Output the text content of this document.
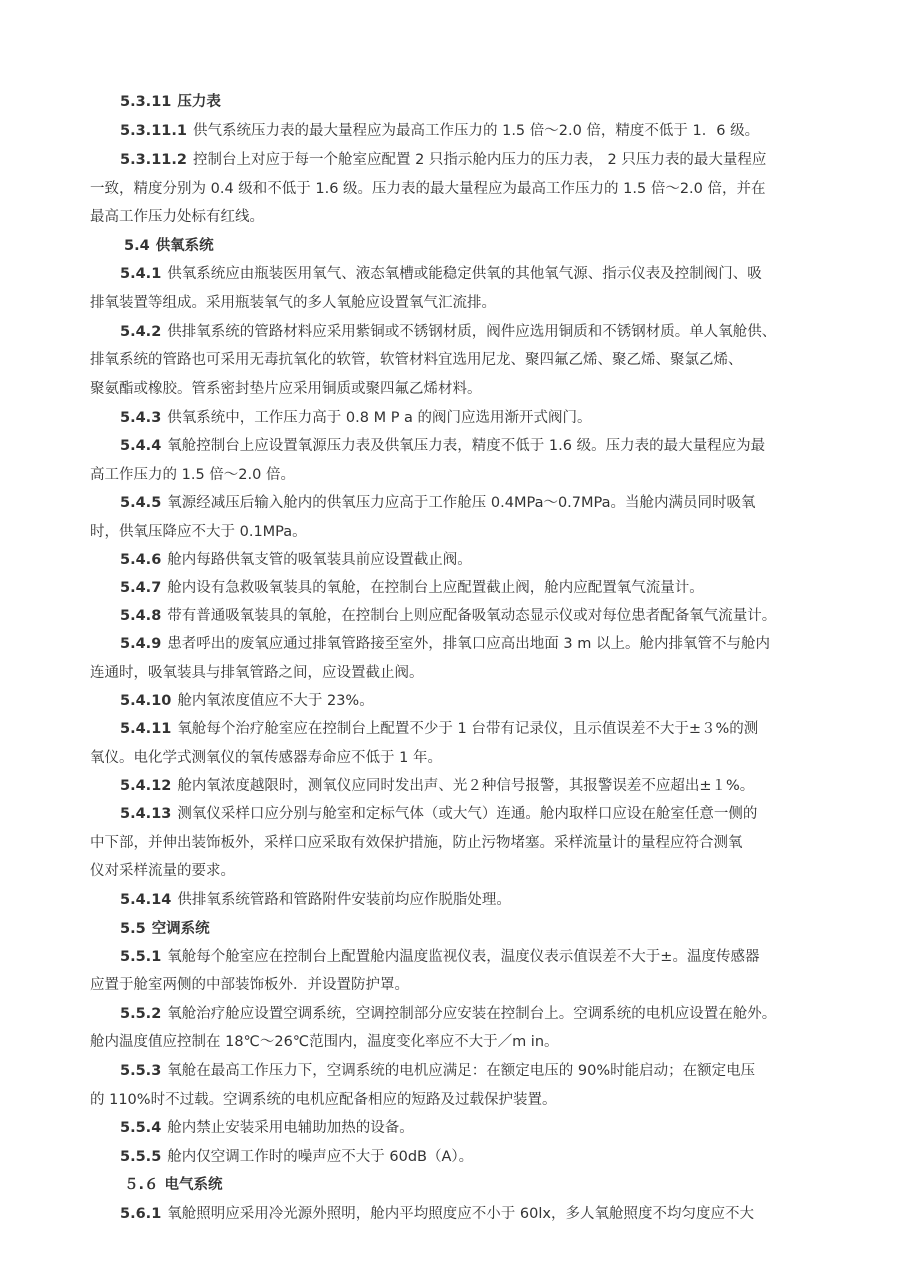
5.3.11 压力表
5.3.11.1 供气系统压力表的最大量程应为最高工作压力的 1.5 倍～2.0 倍，精度不低于 1．6 级。
5.3.11.2 控制台上对应于每一个舱室应配置 2 只指示舱内压力的压力表， 2 只压力表的最大量程应
一致，精度分别为 0.4 级和不低于 1.6 级。压力表的最大量程应为最高工作压力的 1.5 倍～2.0 倍，并在
最高工作压力处标有红线。
5.4 供氧系统
5.4.1 供氧系统应由瓶装医用氧气、液态氧槽或能稳定供氧的其他氧气源、指示仪表及控制阀门、吸
排氧装置等组成。采用瓶装氧气的多人氧舱应设置氧气汇流排。
5.4.2 供排氧系统的管路材料应采用紫铜或不锈钢材质，阀件应选用铜质和不锈钢材质。单人氧舱供、
排氧系统的管路也可采用无毒抗氧化的软管，软管材料宜选用尼龙、聚四氟乙烯、聚乙烯、聚氯乙烯、
聚氨酯或橡胶。管系密封垫片应采用铜质或聚四氟乙烯材料。
5.4.3 供氧系统中，工作压力高于 0.8 M P a 的阀门应选用渐开式阀门。
5.4.4 氧舱控制台上应设置氧源压力表及供氧压力表，精度不低于 1.6 级。压力表的最大量程应为最
高工作压力的 1.5 倍～2.0 倍。
5.4.5 氧源经减压后输入舱内的供氧压力应高于工作舱压 0.4MPa～0.7MPa。当舱内满员同时吸氧
时，供氧压降应不大于 0.1MPa。
5.4.6 舱内每路供氧支管的吸氧装具前应设置截止阀。
5.4.7 舱内设有急救吸氧装具的氧舱，在控制台上应配置截止阀，舱内应配置氧气流量计。
5.4.8 带有普通吸氧装具的氧舱，在控制台上则应配备吸氧动态显示仪或对每位患者配备氧气流量计。
5.4.9 患者呼出的废氧应通过排氧管路接至室外，排氧口应高出地面 3 m 以上。舱内排氧管不与舱内
连通时，吸氧装具与排氧管路之间，应设置截止阀。
5.4.10 舱内氧浓度值应不大于 23%。
5.4.11 氧舱每个治疗舱室应在控制台上配置不少于 1 台带有记录仪，且示值误差不大于±３%的测
氧仪。电化学式测氧仪的氧传感器寿命应不低于 1 年。
5.4.12 舱内氧浓度越限时，测氧仪应同时发出声、光２种信号报警，其报警误差不应超出±１%。
5.4.13 测氧仪采样口应分别与舱室和定标气体（或大气）连通。舱内取样口应设在舱室任意一侧的
中下部，并伸出装饰板外，采样口应采取有效保护措施，防止污物堵塞。采样流量计的量程应符合测氧
仪对采样流量的要求。
5.4.14 供排氧系统管路和管路附件安装前均应作脱脂处理。
5.5 空调系统
5.5.1 氧舱每个舱室应在控制台上配置舱内温度监视仪表，温度仪表示值误差不大于±。温度传感器
应置于舱室两侧的中部装饰板外．并设置防护罩。
5.5.2 氧舱治疗舱应设置空调系统，空调控制部分应安装在控制台上。空调系统的电机应设置在舱外。
舱内温度值应控制在 18℃～26℃范围内，温度变化率应不大于／m in。
5.5.3 氧舱在最高工作压力下，空调系统的电机应满足：在额定电压的 90%时能启动；在额定电压
的 110%时不过载。空调系统的电机应配备相应的短路及过载保护装置。
5.5.4 舱内禁止安装采用电辅助加热的设备。
5.5.5 舱内仅空调工作时的噪声应不大于 60dB（A）。
５.６ 电气系统
5.6.1 氧舱照明应采用冷光源外照明，舱内平均照度应不小于 60lx，多人氧舱照度不均匀度应不大
